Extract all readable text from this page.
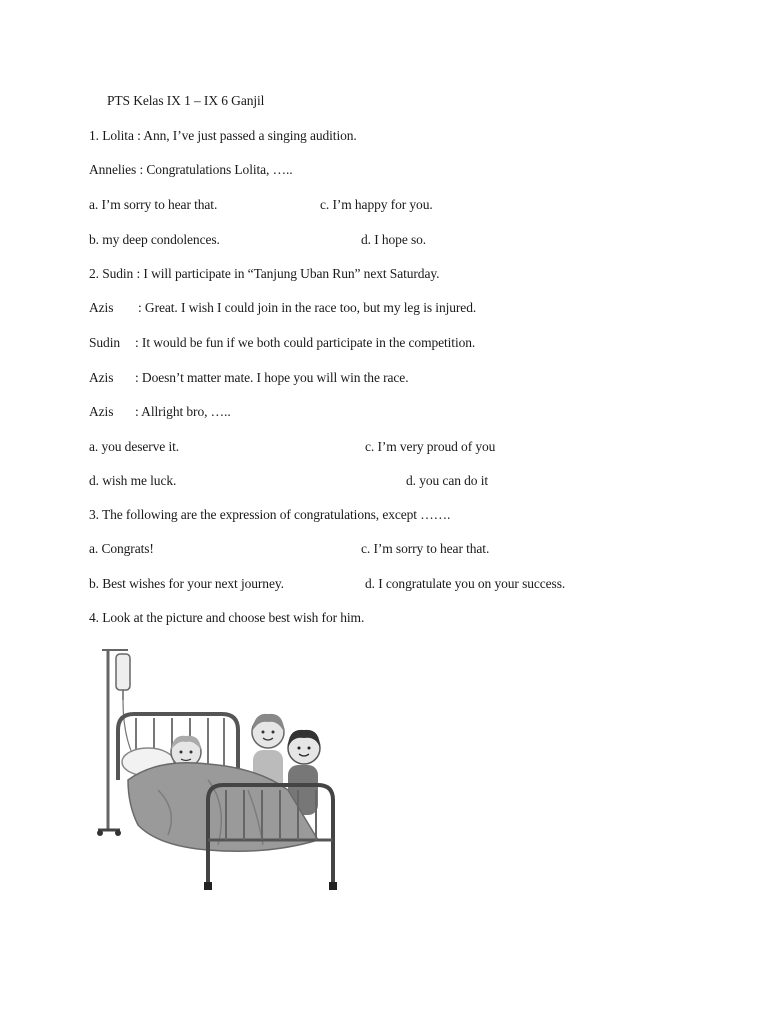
PTS Kelas IX 1 – IX 6 Ganjil
1. Lolita : Ann, I’ve just passed a singing audition.
Annelies : Congratulations Lolita, …..
a. I’m sorry to hear that.	c. I’m happy for you.
b. my deep condolences.	d. I hope so.
2. Sudin : I will participate in “Tanjung Uban Run” next Saturday.
Azis : Great. I wish I could join in the race too, but my leg is injured.
Sudin : It would be fun if we both could participate in the competition.
Azis : Doesn’t matter mate. I hope you will win the race.
Azis : Allright bro, …..
a. you deserve it.	c. I’m very proud of you
d. wish me luck.	d. you can do it
3. The following are the expression of congratulations, except …….
a. Congrats!	c. I’m sorry to hear that.
b. Best wishes for your next journey.	d. I congratulate you on your success.
4. Look at the picture and choose best wish for him.
